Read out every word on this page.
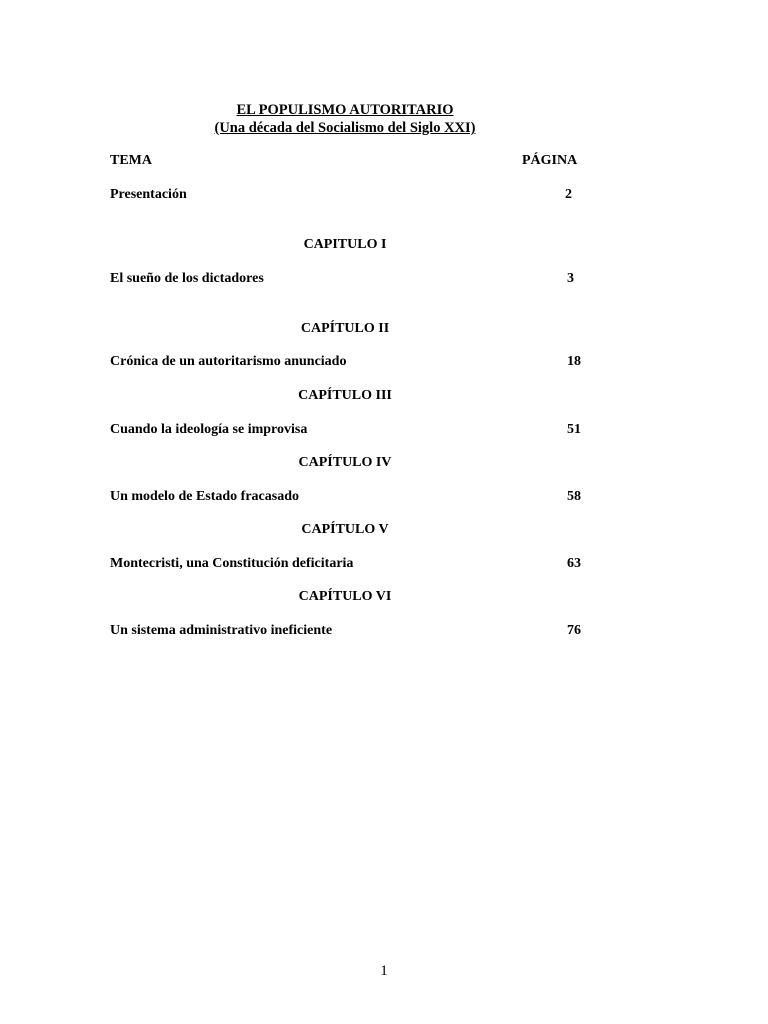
EL POPULISMO AUTORITARIO
(Una década del Socialismo del Siglo XXI)
TEMA	PÁGINA
Presentación	2
CAPITULO I
El sueño de los dictadores	3
CAPÍTULO II
Crónica de un autoritarismo anunciado	18
CAPÍTULO III
Cuando la ideología se improvisa	51
CAPÍTULO IV
Un modelo de Estado fracasado	58
CAPÍTULO V
Montecristi, una Constitución deficitaria	63
CAPÍTULO VI
Un sistema administrativo ineficiente	76
1
